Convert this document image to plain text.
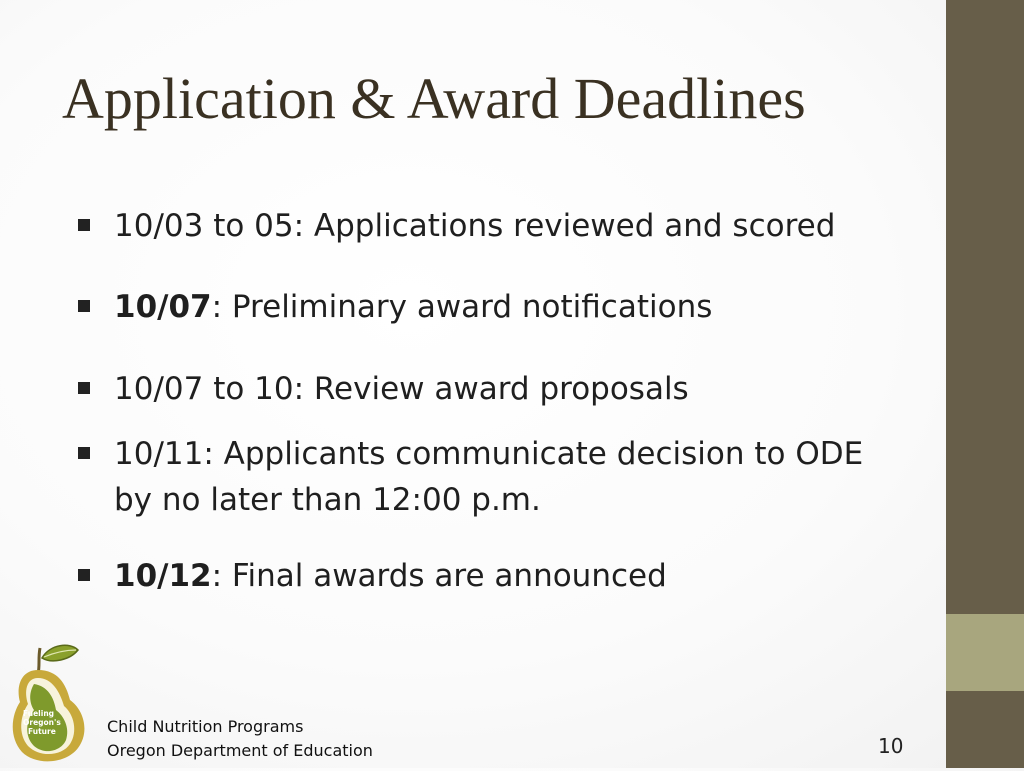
Application & Award Deadlines
10/03 to 05: Applications reviewed and scored
10/07: Preliminary award notifications
10/07 to 10: Review award proposals
10/11: Applicants communicate decision to ODE
by no later than 12:00 p.m.
10/12: Final awards are announced
Fueling
Oregon's
Future	Child Nutrition Programs
Oregon Department of Education	10
